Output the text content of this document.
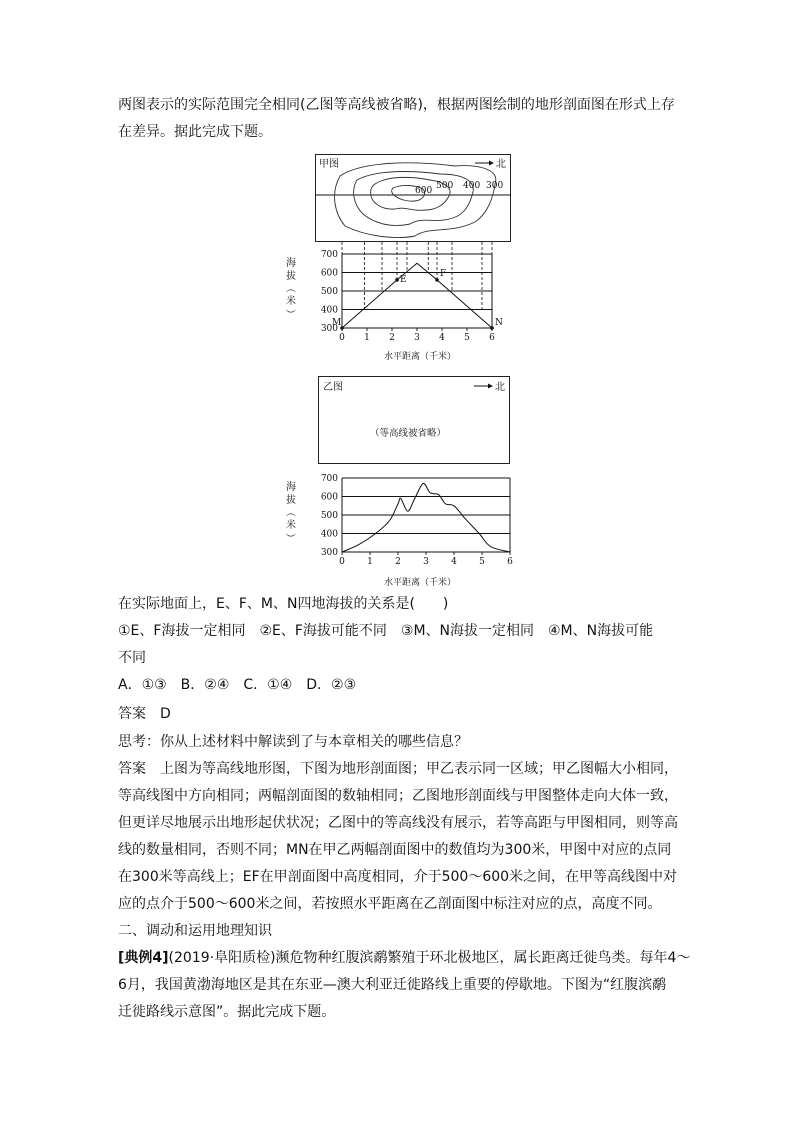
两图表示的实际范围完全相同(乙图等高线被省略)，根据两图绘制的地形剖面图在形式上存
在差异。据此完成下题。
甲图	北
600 500 400 300
海
拔
（
米
）
M
E
F
N
700
600
500
400
300
0 1 2 3 4 5 6
水平距离（千米）
乙图	北
（等高线被省略）
海
拔
（
米
）
700
600
500
400
300
0 1 2 3 4 5 6
水平距离（千米）
在实际地面上，E、F、M、N四地海拔的关系是(　　)
①E、F海拔一定相同　②E、F海拔可能不同　③M、N海拔一定相同　④M、N海拔可能
不同
A．①③　B．②④　C．①④　D．②③
答案　D
思考：你从上述材料中解读到了与本章相关的哪些信息？
答案　上图为等高线地形图，下图为地形剖面图；甲乙表示同一区域；甲乙图幅大小相同，
等高线图中方向相同；两幅剖面图的数轴相同；乙图地形剖面线与甲图整体走向大体一致，
但更详尽地展示出地形起伏状况；乙图中的等高线没有展示，若等高距与甲图相同，则等高
线的数量相同，否则不同；MN在甲乙两幅剖面图中的数值均为300米，甲图中对应的点同
在300米等高线上；EF在甲剖面图中高度相同，介于500～600米之间，在甲等高线图中对
应的点介于500～600米之间，若按照水平距离在乙剖面图中标注对应的点，高度不同。
二、调动和运用地理知识
[典例4](2019·阜阳质检)濒危物种红腹滨鹬繁殖于环北极地区，属长距离迁徙鸟类。每年4～
6月，我国黄渤海地区是其在东亚—澳大利亚迁徙路线上重要的停歇地。下图为“红腹滨鹬
迁徙路线示意图”。据此完成下题。
